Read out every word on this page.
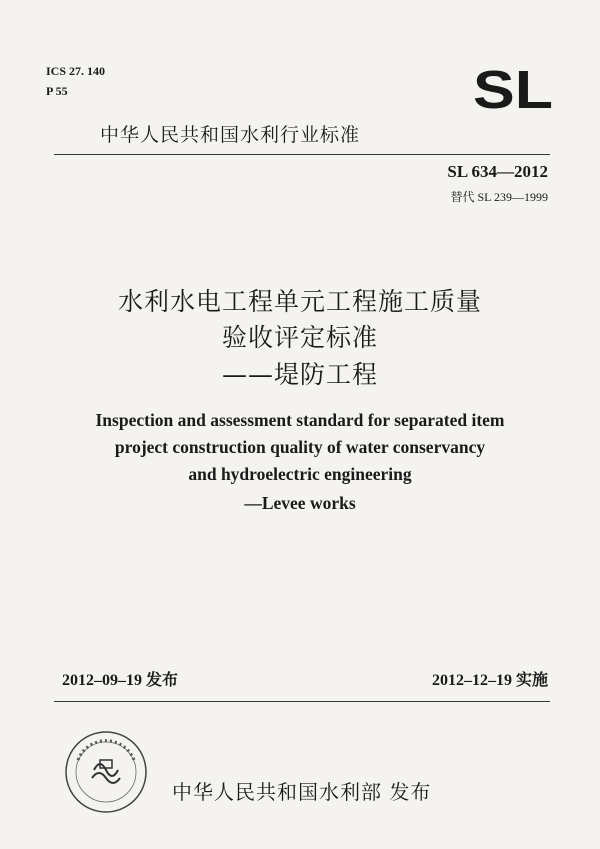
ICS 27. 140
P 55	SL
中华人民共和国水利行业标准
SL 634—2012
替代 SL 239—1999
水利水电工程单元工程施工质量
验收评定标准
——堤防工程
Inspection and assessment standard for separated item
project construction quality of water conservancy
and hydroelectric engineering
—Levee works
2012–09–19 发布	2012–12–19 实施
中华人民共和国水利部 发布
